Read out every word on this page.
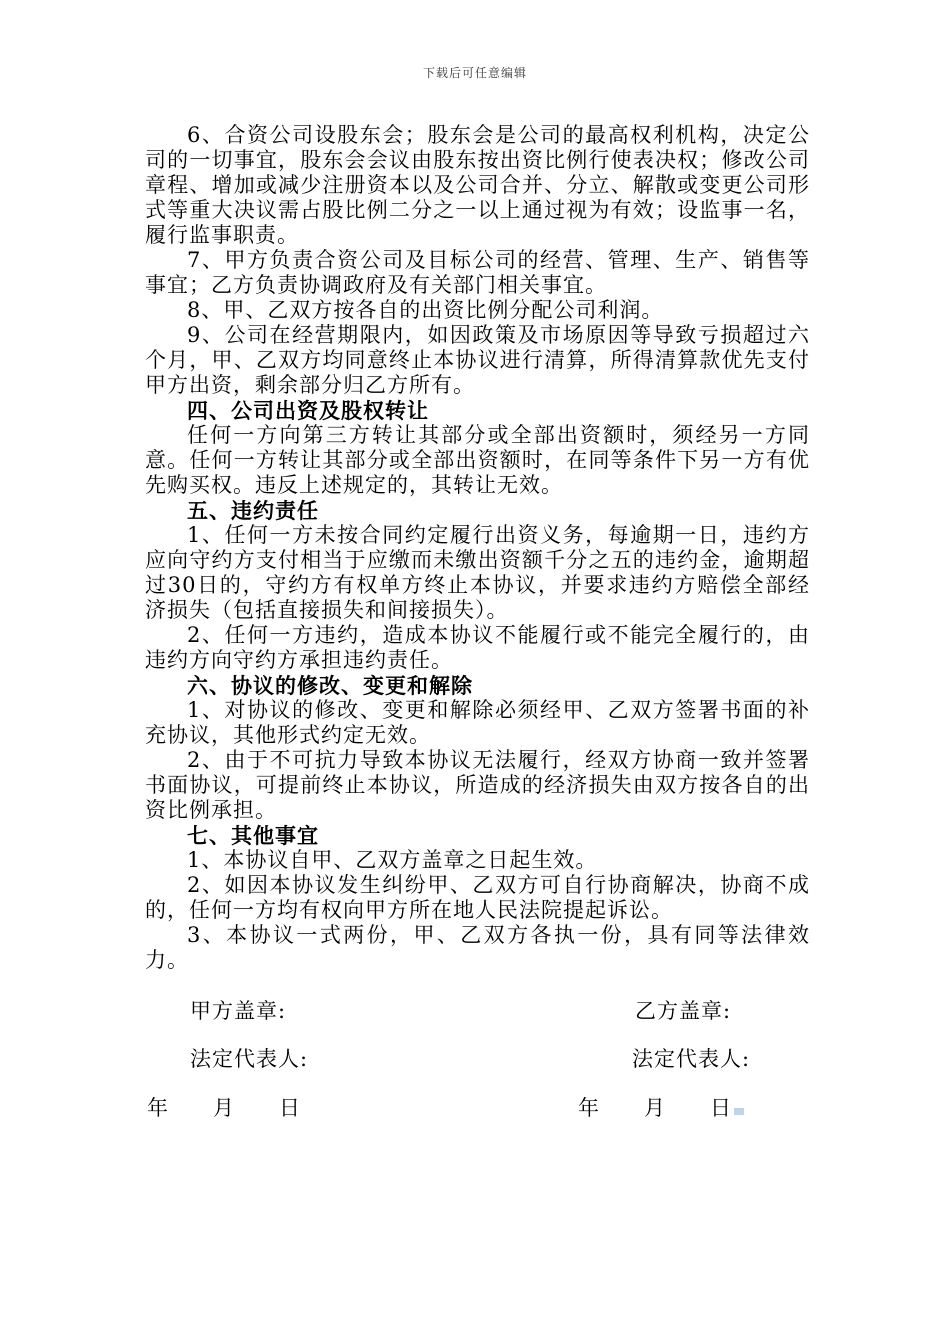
下载后可任意编辑

6、合资公司设股东会；股东会是公司的最高权利机构，决定公司的一切事宜，股东会会议由股东按出资比例行使表决权；修改公司章程、增加或减少注册资本以及公司合并、分立、解散或变更公司形式等重大决议需占股比例二分之一以上通过视为有效；设监事一名，履行监事职责。

7、甲方负责合资公司及目标公司的经营、管理、生产、销售等事宜；乙方负责协调政府及有关部门相关事宜。

8、甲、乙双方按各自的出资比例分配公司利润。

9、公司在经营期限内，如因政策及市场原因等导致亏损超过六个月，甲、乙双方均同意终止本协议进行清算，所得清算款优先支付甲方出资，剩余部分归乙方所有。

四、公司出资及股权转让

任何一方向第三方转让其部分或全部出资额时，须经另一方同意。任何一方转让其部分或全部出资额时，在同等条件下另一方有优先购买权。违反上述规定的，其转让无效。

五、违约责任

1、任何一方未按合同约定履行出资义务，每逾期一日，违约方应向守约方支付相当于应缴而未缴出资额千分之五的违约金，逾期超过30日的，守约方有权单方终止本协议，并要求违约方赔偿全部经济损失（包括直接损失和间接损失）。

2、任何一方违约，造成本协议不能履行或不能完全履行的，由违约方向守约方承担违约责任。

六、协议的修改、变更和解除

1、对协议的修改、变更和解除必须经甲、乙双方签署书面的补充协议，其他形式约定无效。

2、由于不可抗力导致本协议无法履行，经双方协商一致并签署书面协议，可提前终止本协议，所造成的经济损失由双方按各自的出资比例承担。

七、其他事宜

1、本协议自甲、乙双方盖章之日起生效。

2、如因本协议发生纠纷甲、乙双方可自行协商解决，协商不成的，任何一方均有权向甲方所在地人民法院提起诉讼。

3、本协议一式两份，甲、乙双方各执一份，具有同等法律效力。

甲方盖章:	乙方盖章:
法定代表人:	法定代表人:
年　　月　　日	年　　月　　日
